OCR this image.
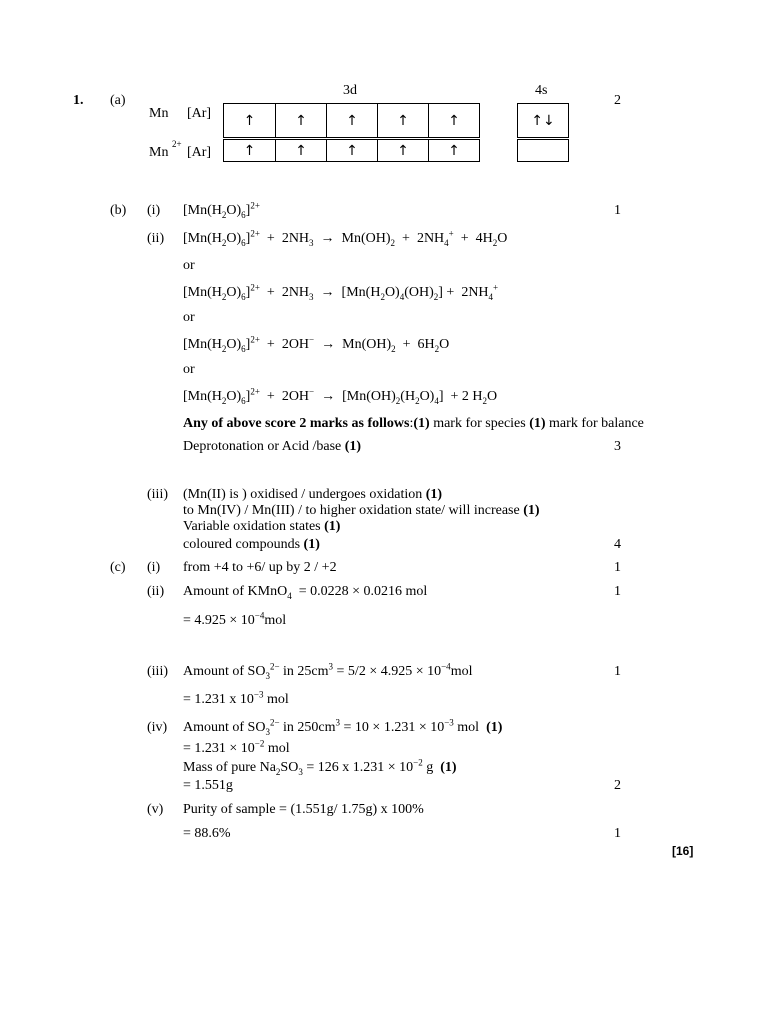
1. (a)
3d	4s
2
Mn [Ar]
Mn $^{2+}$
[Ar]
↑	↑	↑	↑	↑	↑↓
↑	↑	↑	↑	↑
(b) (i) $[Mn(H_2O)_6]^{2+}$	1
(ii) $[Mn(H_2O)_6]^{2+} + 2NH_3 \to Mn(OH)_2 + 2NH_4^+ + 4H_2O$
or
$[Mn(H_2O)_6]^{2+} + 2NH_3 \to [Mn(H_2O)_4(OH)_2] + 2NH_4^+$
or
$[Mn(H_2O)_6]^{2+} + 2OH^- \to Mn(OH)_2 + 6H_2O$
or
$[Mn(H_2O)_6]^{2+} + 2OH^- \to [Mn(OH)_2(H_2O)_4] + 2$ $H_2O$
Any of above score 2 marks as follows:(1) mark for species (1) mark for balance
Deprotonation or Acid /base (1)	3
(iii) (Mn(II) is ) oxidised / undergoes oxidation (1)
to Mn(IV) / Mn(III) / to higher oxidation state/ will increase (1)
Variable oxidation states (1)
coloured compounds (1)	4
(c) (i) from +4 to +6/ up by 2 / +2	1
(ii) Amount of KMnO$_4$  = 0.0228 × 0.0216 mol	1
= $4.925 \times 10^{-4}mol$
(iii) Amount of $SO_3^{2-}$ in $25cm^3 = 5/2 \times 4.925 \times 10^{-4}mol$	1
= 1.231 x $10^{-3}$ mol
(iv) Amount of $SO_3^{2-}$ in $250cm^3 = 10 \times 1.231 \times 10^{-3}$ mol  (1)
= $1.231 \times 10^{-2}$ mol
Mass of pure $Na_2SO_3 = 126$ x $1.231 \times 10^{-2}$ g  (1)
= 1.551g	2
(v) Purity of sample = (1.551g/ 1.75g) x 100%
= 88.6%	1
[16]
